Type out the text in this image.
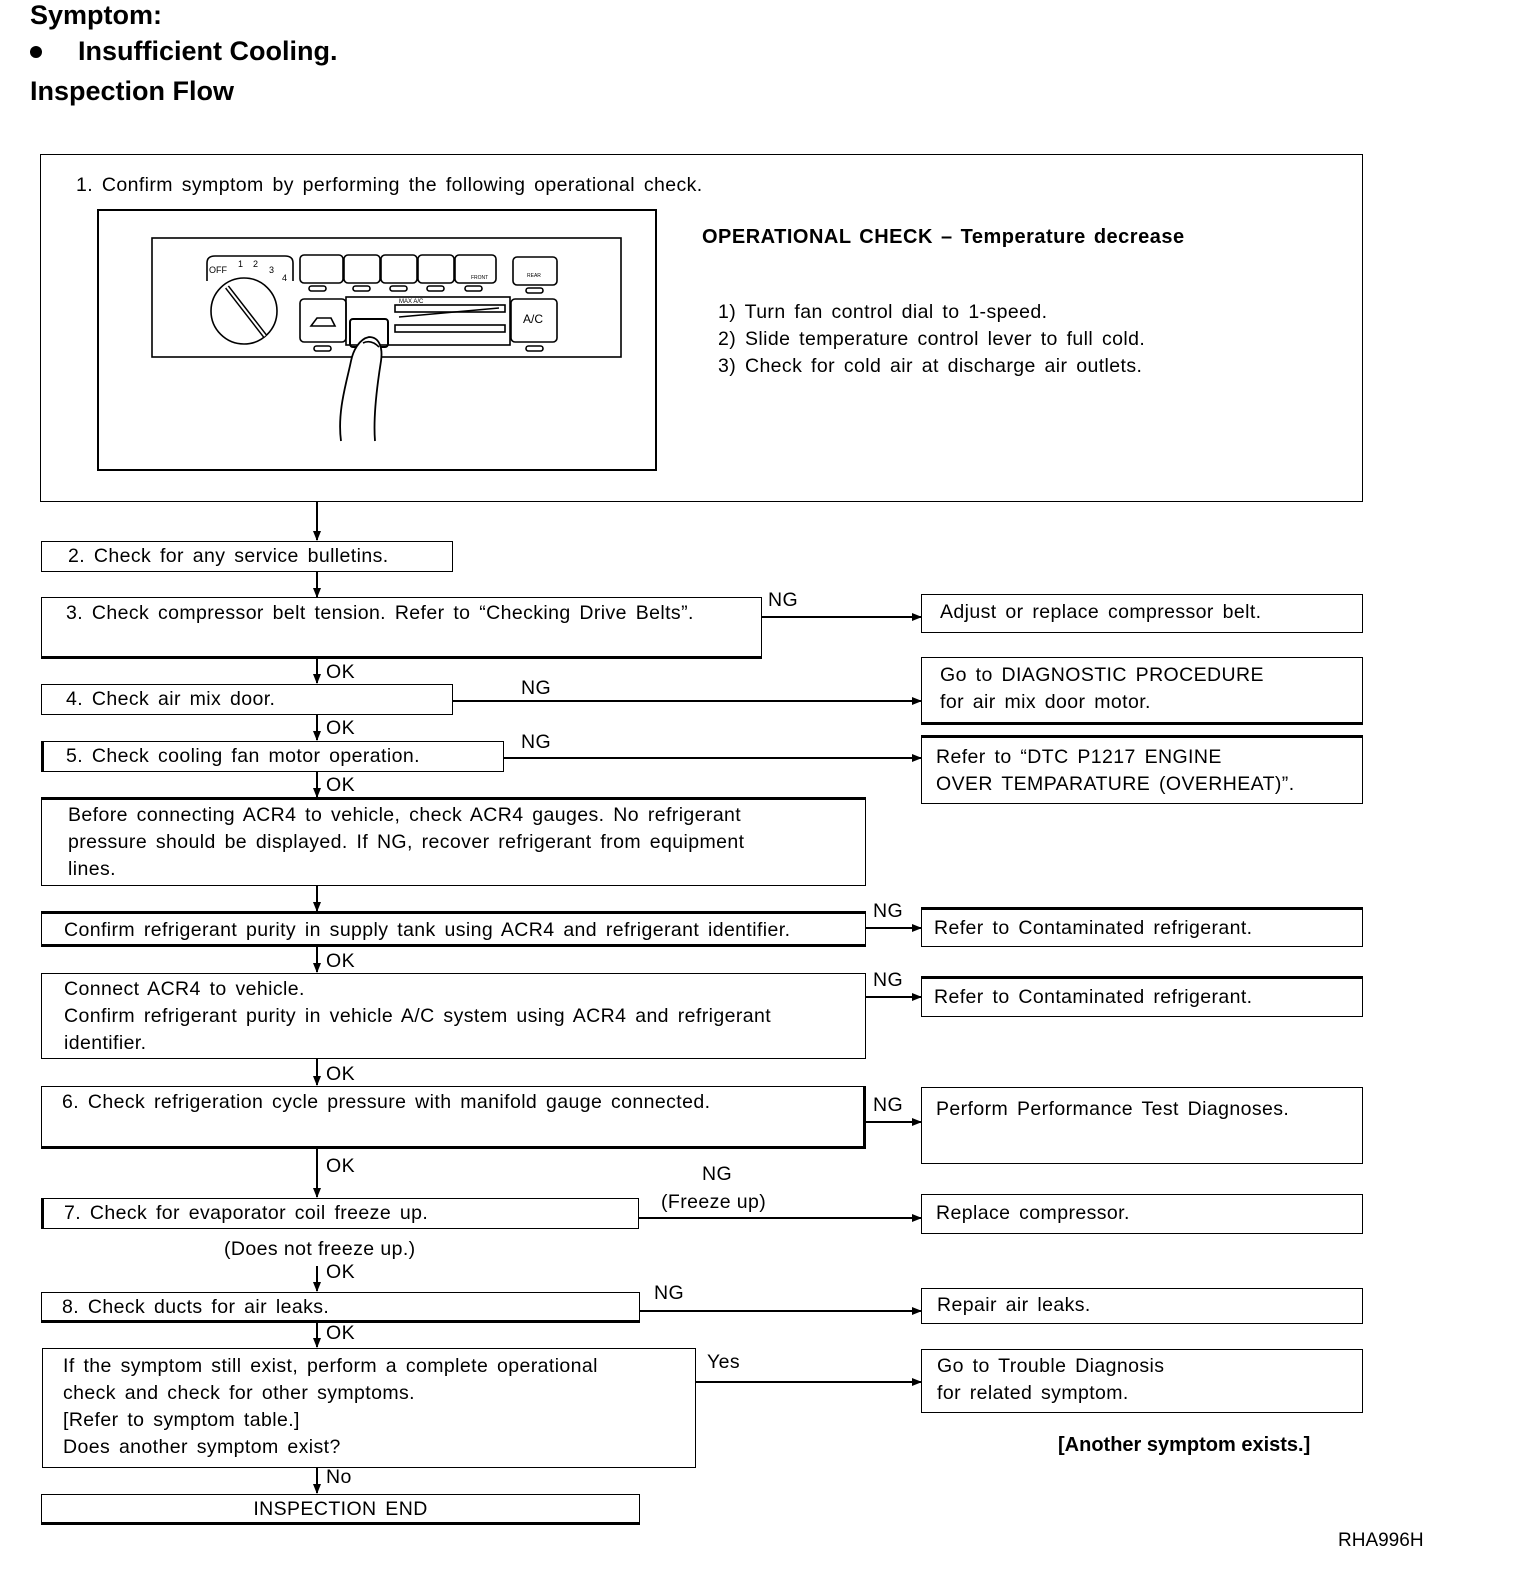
Symptom:
Insufficient Cooling.
Inspection Flow
1. Confirm symptom by performing the following operational check.
OFF
1 2
3
4
MAX A/C
A/C
FRONT	REAR
OPERATIONAL CHECK – Temperature decrease
1) Turn fan control dial to 1-speed.
2) Slide temperature control lever to full cold.
3) Check for cold air at discharge air outlets.
2. Check for any service bulletins.
3. Check compressor belt tension. Refer to “Checking Drive Belts”.
NG
Adjust or replace compressor belt.
OK
4. Check air mix door.	NG
Go to DIAGNOSTIC PROCEDURE
for air mix door motor.
OK
5. Check cooling fan motor operation.
NG
Refer to “DTC P1217 ENGINE
OVER TEMPARATURE (OVERHEAT)”.
OK
Before connecting ACR4 to vehicle, check ACR4 gauges. No refrigerant
pressure should be displayed. If NG, recover refrigerant from equipment
lines.
Confirm refrigerant purity in supply tank using ACR4 and refrigerant identifier.
NG
Refer to Contaminated refrigerant.
OK
Connect ACR4 to vehicle.
Confirm refrigerant purity in vehicle A/C system using ACR4 and refrigerant
identifier.
NG
Refer to Contaminated refrigerant.
OK
6. Check refrigeration cycle pressure with manifold gauge connected.	NG	Perform Performance Test Diagnoses.
OK
7. Check for evaporator coil freeze up.
NG
(Freeze up)	Replace compressor.
(Does not freeze up.)
OK
8. Check ducts for air leaks.
NG
Repair air leaks.
OK
If the symptom still exist, perform a complete operational
check and check for other symptoms.
[Refer to symptom table.]
Does another symptom exist?
Yes	Go to Trouble Diagnosis
for related symptom.
[Another symptom exists.]
No
INSPECTION END
RHA996H
